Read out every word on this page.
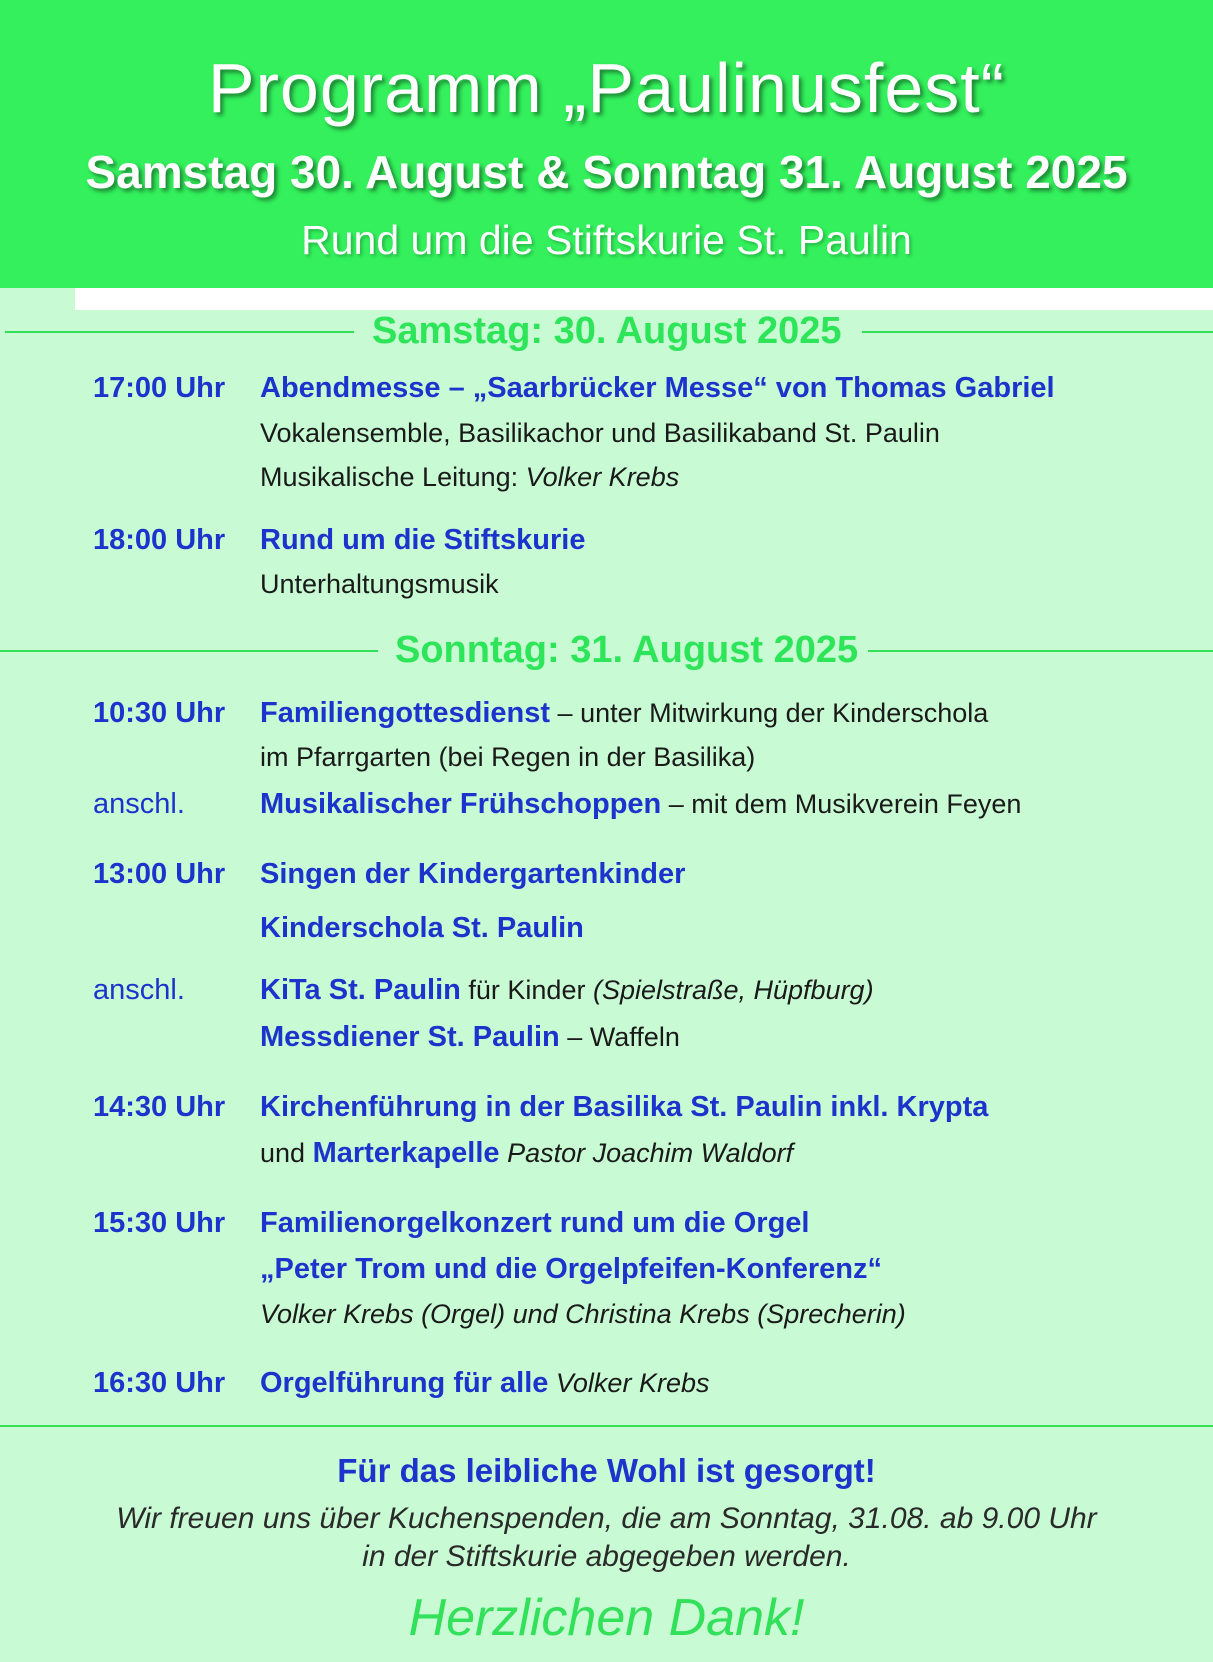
Programm „Paulinusfest“
Samstag 30. August & Sonntag 31. August 2025
Rund um die Stiftskurie St. Paulin
Samstag: 30. August 2025
17:00 Uhr Abendmesse – „Saarbrücker Messe“ von Thomas Gabriel
Vokalensemble, Basilikachor und Basilikaband St. Paulin
Musikalische Leitung: Volker Krebs
18:00 Uhr Rund um die Stiftskurie
Unterhaltungsmusik
Sonntag: 31. August 2025
10:30 Uhr Familiengottesdienst – unter Mitwirkung der Kinderschola
im Pfarrgarten (bei Regen in der Basilika)
anschl.	Musikalischer Frühschoppen – mit dem Musikverein Feyen
13:00 Uhr Singen der Kindergartenkinder
Kinderschola St. Paulin
anschl.	KiTa St. Paulin für Kinder (Spielstraße, Hüpfburg)
Messdiener St. Paulin – Waffeln
14:30 Uhr Kirchenführung in der Basilika St. Paulin inkl. Krypta
und Marterkapelle Pastor Joachim Waldorf
15:30 Uhr Familienorgelkonzert rund um die Orgel
„Peter Trom und die Orgelpfeifen-Konferenz“
Volker Krebs (Orgel) und Christina Krebs (Sprecherin)
16:30 Uhr Orgelführung für alle Volker Krebs
Für das leibliche Wohl ist gesorgt!
Wir freuen uns über Kuchenspenden, die am Sonntag, 31.08. ab 9.00 Uhr
in der Stiftskurie abgegeben werden.
Herzlichen Dank!
